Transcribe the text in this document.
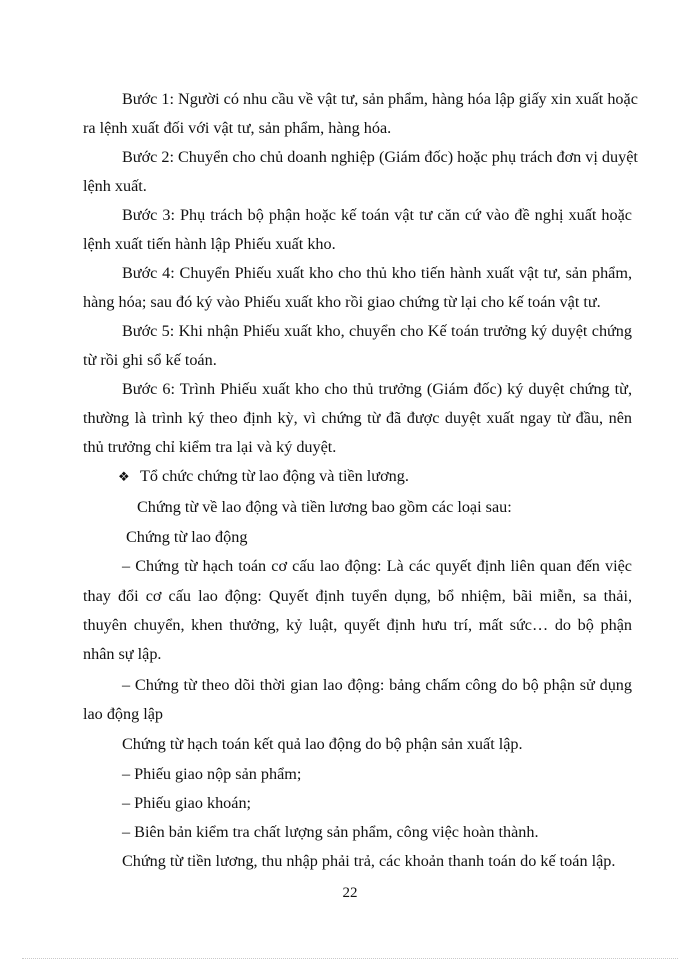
Bước 1: Người có nhu cầu về vật tư, sản phẩm, hàng hóa lập giấy xin xuất hoặc
ra lệnh xuất đối với vật tư, sản phẩm, hàng hóa.
Bước 2: Chuyển cho chủ doanh nghiệp (Giám đốc) hoặc phụ trách đơn vị duyệt
lệnh xuất.
Bước 3: Phụ trách bộ phận hoặc kế toán vật tư căn cứ vào đề nghị xuất hoặc
lệnh xuất tiến hành lập Phiếu xuất kho.
Bước 4: Chuyển Phiếu xuất kho cho thủ kho tiến hành xuất vật tư, sản phẩm,
hàng hóa; sau đó ký vào Phiếu xuất kho rồi giao chứng từ lại cho kế toán vật tư.
Bước 5: Khi nhận Phiếu xuất kho, chuyển cho Kế toán trưởng ký duyệt chứng
từ rồi ghi sổ kế toán.
Bước 6: Trình Phiếu xuất kho cho thủ trưởng (Giám đốc) ký duyệt chứng từ,
thường là trình ký theo định kỳ, vì chứng từ đã được duyệt xuất ngay từ đầu, nên
thủ trưởng chỉ kiểm tra lại và ký duyệt.
❖ Tổ chức chứng từ lao động và tiền lương.
Chứng từ về lao động và tiền lương bao gồm các loại sau:
Chứng từ lao động
– Chứng từ hạch toán cơ cấu lao động: Là các quyết định liên quan đến việc
thay đổi cơ cấu lao động: Quyết định tuyển dụng, bổ nhiệm, bãi miễn, sa thải,
thuyên chuyển, khen thưởng, kỷ luật, quyết định hưu trí, mất sức… do bộ phận
nhân sự lập.
– Chứng từ theo dõi thời gian lao động: bảng chấm công do bộ phận sử dụng
lao động lập
Chứng từ hạch toán kết quả lao động do bộ phận sản xuất lập.
– Phiếu giao nộp sản phẩm;
– Phiếu giao khoán;
– Biên bản kiểm tra chất lượng sản phẩm, công việc hoàn thành.
Chứng từ tiền lương, thu nhập phải trả, các khoản thanh toán do kế toán lập.
22
